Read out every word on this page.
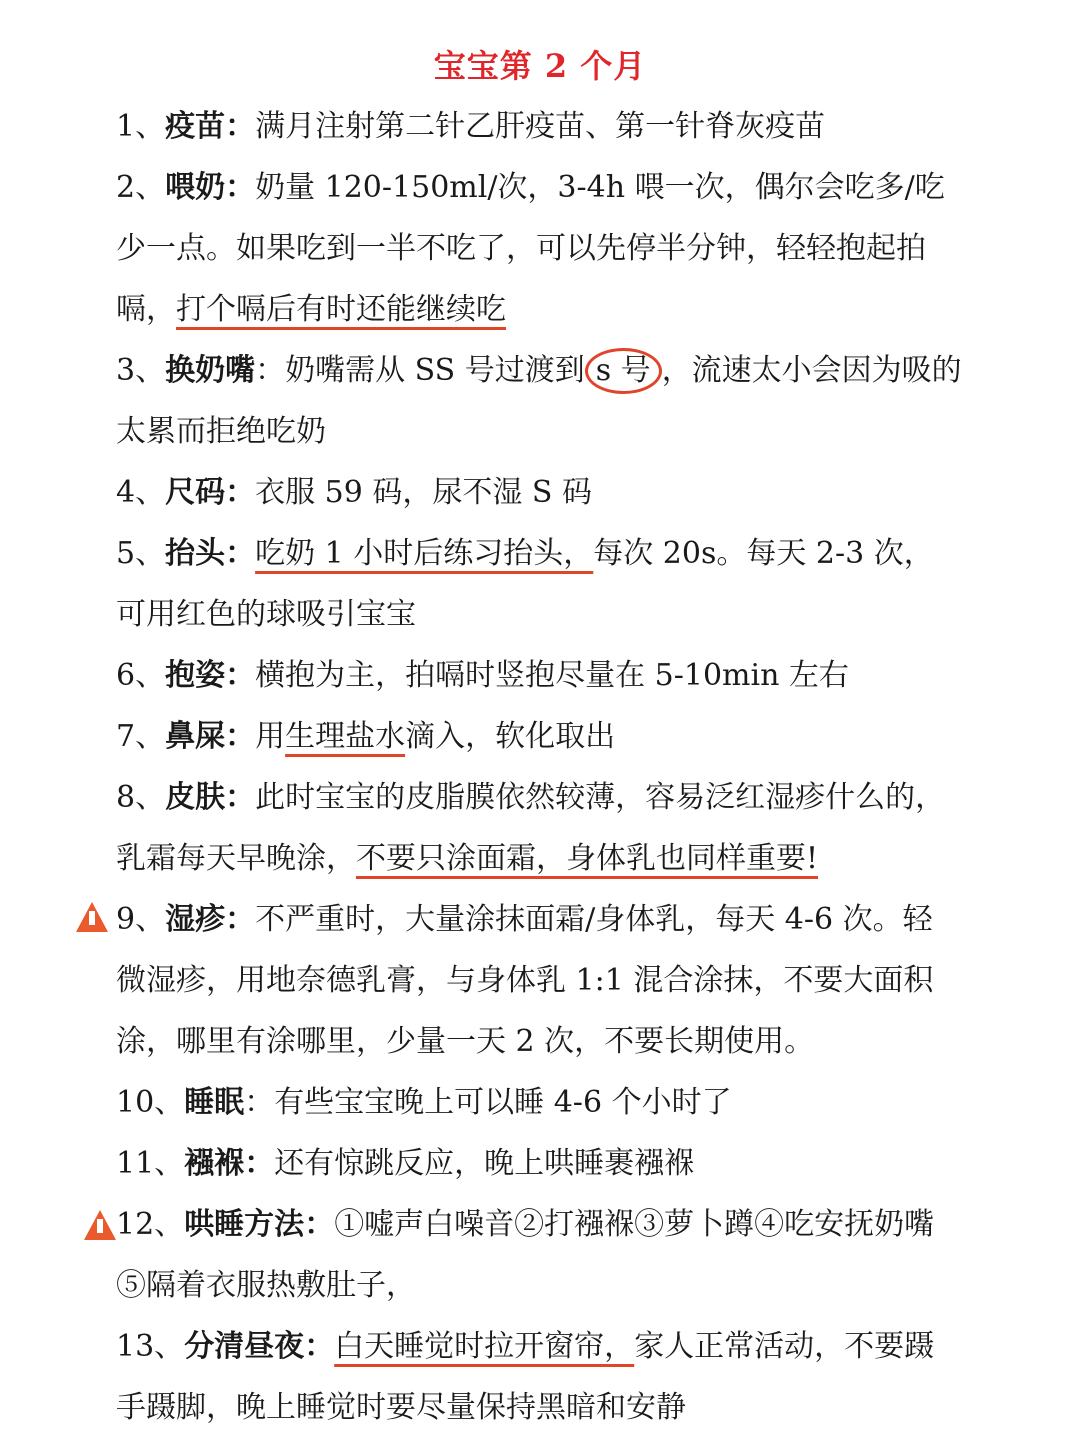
宝宝第 2 个月

1、疫苗：满月注射第二针乙肝疫苗、第一针脊灰疫苗

2、喂奶：奶量 120-150ml/次，3-4h 喂一次，偶尔会吃多/吃少一点。如果吃到一半不吃了，可以先停半分钟，轻轻抱起拍嗝，打个嗝后有时还能继续吃

3、换奶嘴：奶嘴需从 SS 号过渡到 s 号 ，流速太小会因为吸的太累而拒绝吃奶

4、尺码：衣服 59 码，尿不湿 S 码

5、抬头：吃奶 1 小时后练习抬头，每次 20s。每天 2-3 次，可用红色的球吸引宝宝

6、抱姿：横抱为主，拍嗝时竖抱尽量在 5-10min 左右

7、鼻屎：用生理盐水滴入，软化取出

8、皮肤：此时宝宝的皮脂膜依然较薄，容易泛红湿疹什么的，乳霜每天早晚涂，不要只涂面霜，身体乳也同样重要!

9、湿疹：不严重时，大量涂抹面霜/身体乳，每天 4-6 次。轻微湿疹，用地奈德乳膏，与身体乳 1:1 混合涂抹，不要大面积涂，哪里有涂哪里，少量一天 2 次，不要长期使用。

10、睡眠：有些宝宝晚上可以睡 4-6 个小时了

11、襁褓：还有惊跳反应，晚上哄睡裹襁褓

12、哄睡方法：①嘘声白噪音②打襁褓③萝卜蹲④吃安抚奶嘴⑤隔着衣服热敷肚子，

13、分清昼夜：白天睡觉时拉开窗帘，家人正常活动，不要蹑手蹑脚，晚上睡觉时要尽量保持黑暗和安静
